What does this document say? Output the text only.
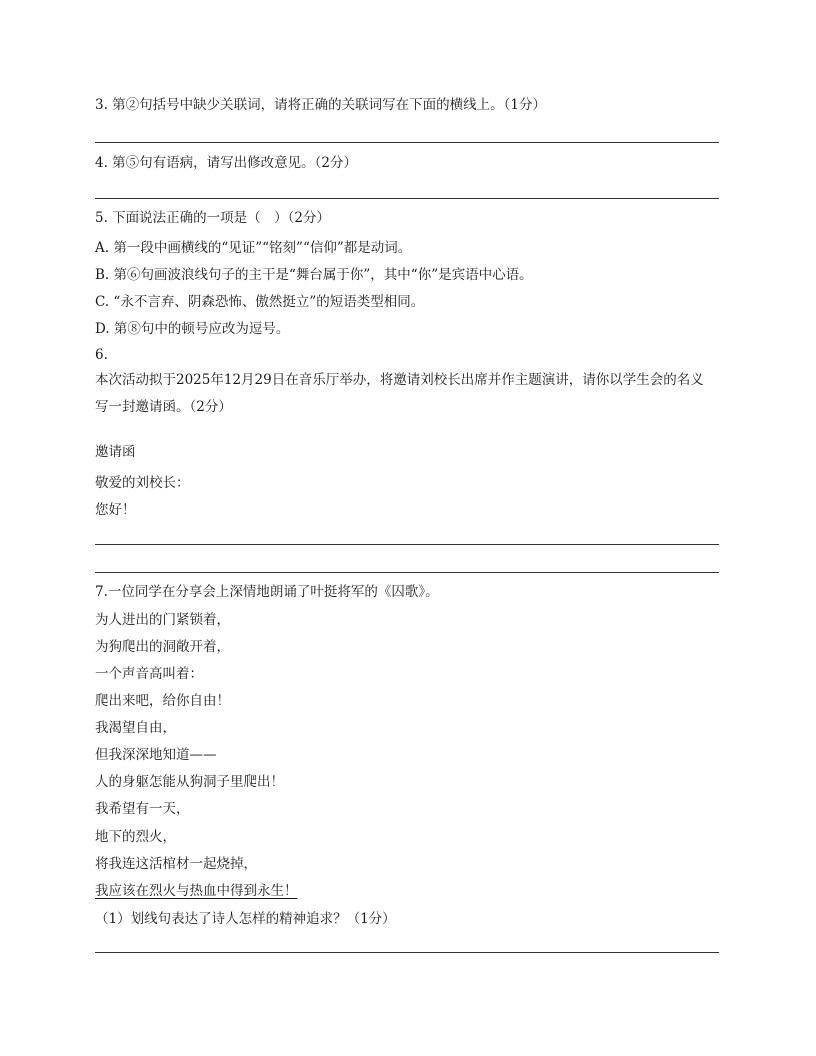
3. 第②句括号中缺少关联词，请将正确的关联词写在下面的横线上。（1分）
4. 第⑤句有语病，请写出修改意见。（2分）
5. 下面说法正确的一项是（　）（2分）
A. 第一段中画横线的“见证”“铭刻”“信仰”都是动词。
B. 第⑥句画波浪线句子的主干是“舞台属于你”，其中“你”是宾语中心语。
C. “永不言弃、阴森恐怖、傲然挺立”的短语类型相同。
D. 第⑧句中的顿号应改为逗号。
6.
本次活动拟于2025年12月29日在音乐厅举办，将邀请刘校长出席并作主题演讲，请你以学生会的名义
写一封邀请函。（2分）
邀请函
敬爱的刘校长：
您好！
7.一位同学在分享会上深情地朗诵了叶挺将军的《囚歌》。
为人进出的门紧锁着，
为狗爬出的洞敞开着，
一个声音高叫着：
爬出来吧，给你自由！
我渴望自由，
但我深深地知道——
人的身躯怎能从狗洞子里爬出！
我希望有一天，
地下的烈火，
将我连这活棺材一起烧掉，
我应该在烈火与热血中得到永生！
（1）划线句表达了诗人怎样的精神追求？（1分）
